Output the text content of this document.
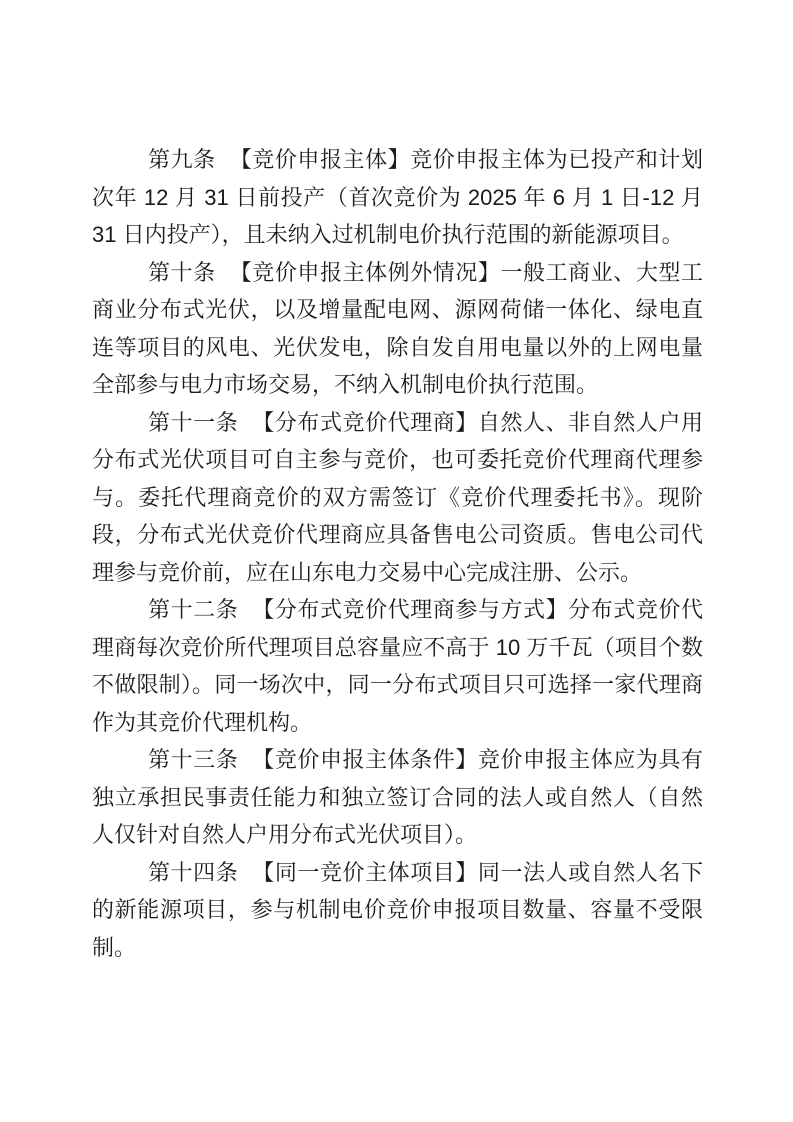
第九条 【竞价申报主体】竞价申报主体为已投产和计划次年 12 月 31 日前投产（首次竞价为 2025 年 6 月 1 日-12 月 31 日内投产），且未纳入过机制电价执行范围的新能源项目。

第十条 【竞价申报主体例外情况】一般工商业、大型工商业分布式光伏，以及增量配电网、源网荷储一体化、绿电直连等项目的风电、光伏发电，除自发自用电量以外的上网电量全部参与电力市场交易，不纳入机制电价执行范围。

第十一条 【分布式竞价代理商】自然人、非自然人户用分布式光伏项目可自主参与竞价，也可委托竞价代理商代理参与。委托代理商竞价的双方需签订《竞价代理委托书》。现阶段，分布式光伏竞价代理商应具备售电公司资质。售电公司代理参与竞价前，应在山东电力交易中心完成注册、公示。

第十二条 【分布式竞价代理商参与方式】分布式竞价代理商每次竞价所代理项目总容量应不高于 10 万千瓦（项目个数不做限制）。同一场次中，同一分布式项目只可选择一家代理商作为其竞价代理机构。

第十三条 【竞价申报主体条件】竞价申报主体应为具有独立承担民事责任能力和独立签订合同的法人或自然人（自然人仅针对自然人户用分布式光伏项目）。

第十四条 【同一竞价主体项目】同一法人或自然人名下的新能源项目，参与机制电价竞价申报项目数量、容量不受限制。
